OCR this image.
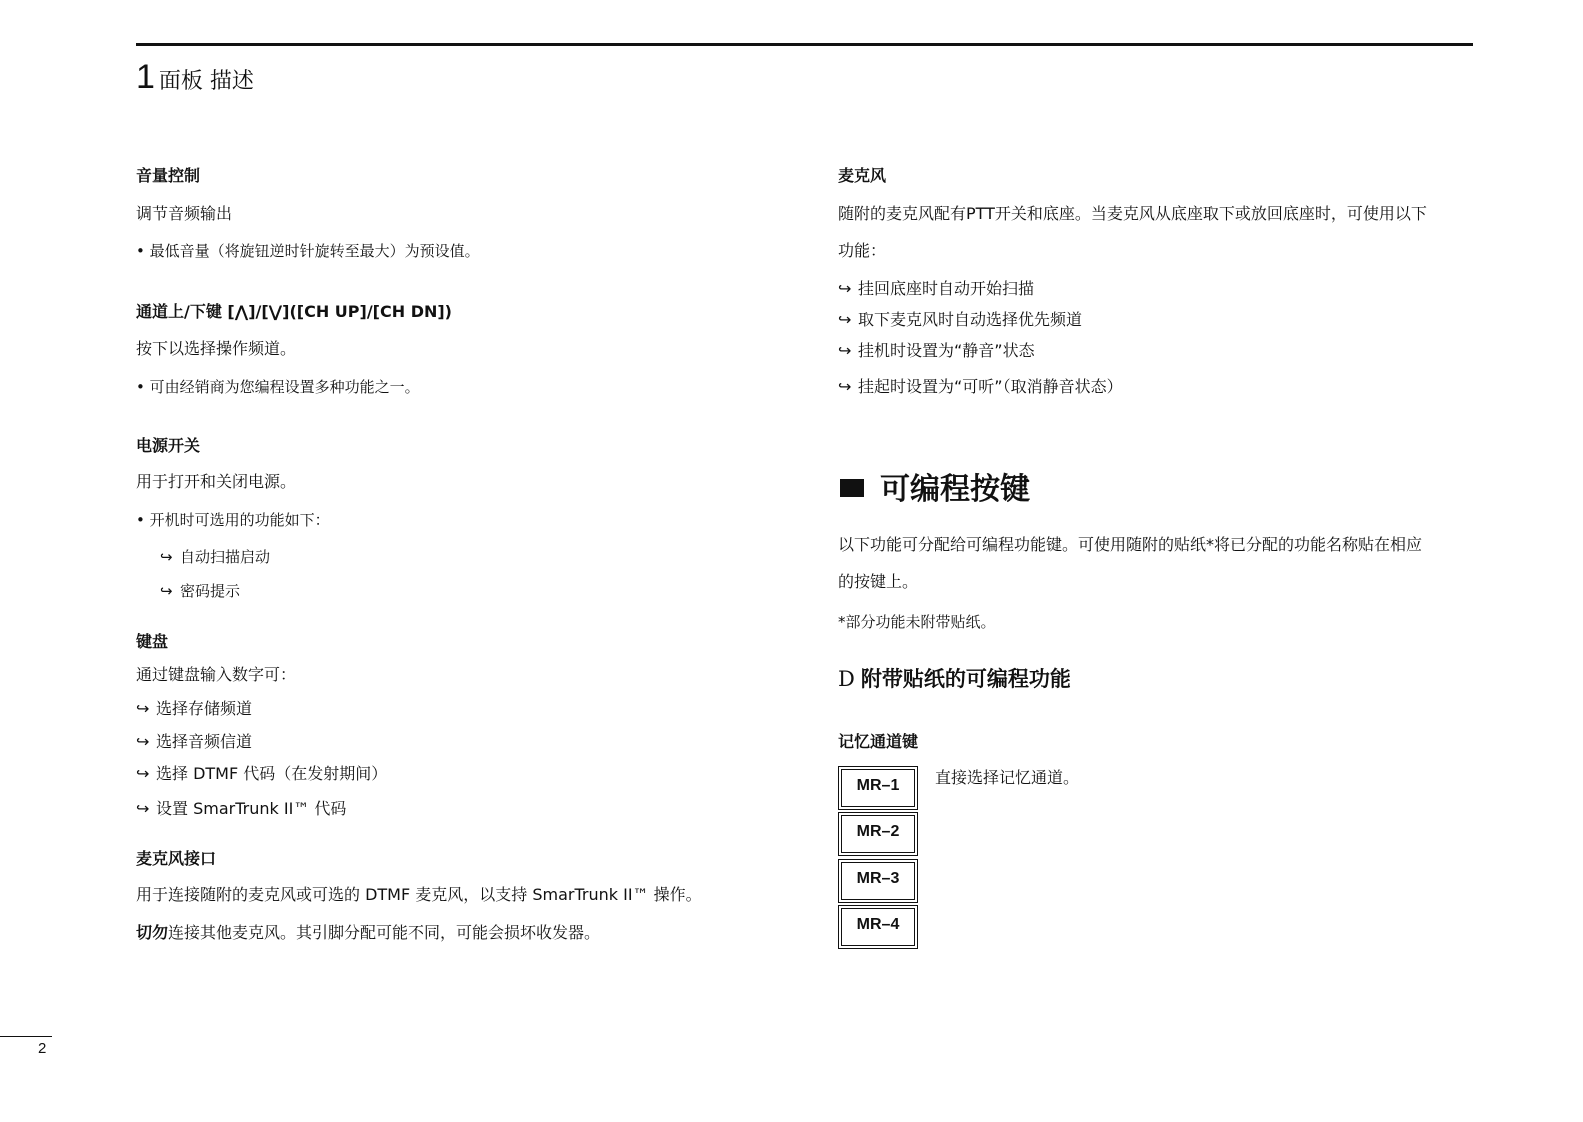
1 面板 描述
音量控制
调节音频输出
• 最低音量（将旋钮逆时针旋转至最大）为预设值。
通道上/下键 [⋀]/[⋁]([CH UP]/[CH DN])
按下以选择操作频道。
• 可由经销商为您编程设置多种功能之一。
电源开关
用于打开和关闭电源。
• 开机时可选用的功能如下：
↪ 自动扫描启动
↪ 密码提示
键盘
通过键盘输入数字可：
↪ 选择存储频道
↪ 选择音频信道
↪ 选择 DTMF 代码（在发射期间）
↪ 设置 SmarTrunk II™ 代码
麦克风接口
用于连接随附的麦克风或可选的 DTMF 麦克风，以支持 SmarTrunk II™ 操作。
切勿连接其他麦克风。其引脚分配可能不同，可能会损坏收发器。
麦克风
随附的麦克风配有PTT开关和底座。当麦克风从底座取下或放回底座时，可使用以下
功能：
↪ 挂回底座时自动开始扫描
↪ 取下麦克风时自动选择优先频道
↪ 挂机时设置为“静音”状态
↪ 挂起时设置为“可听”（取消静音状态）
可编程按键
以下功能可分配给可编程功能键。可使用随附的贴纸*将已分配的功能名称贴在相应
的按键上。
*部分功能未附带贴纸。
D 附带贴纸的可编程功能
记忆通道键
MR–1
MR–2
MR–3
MR–4
直接选择记忆通道。
2
